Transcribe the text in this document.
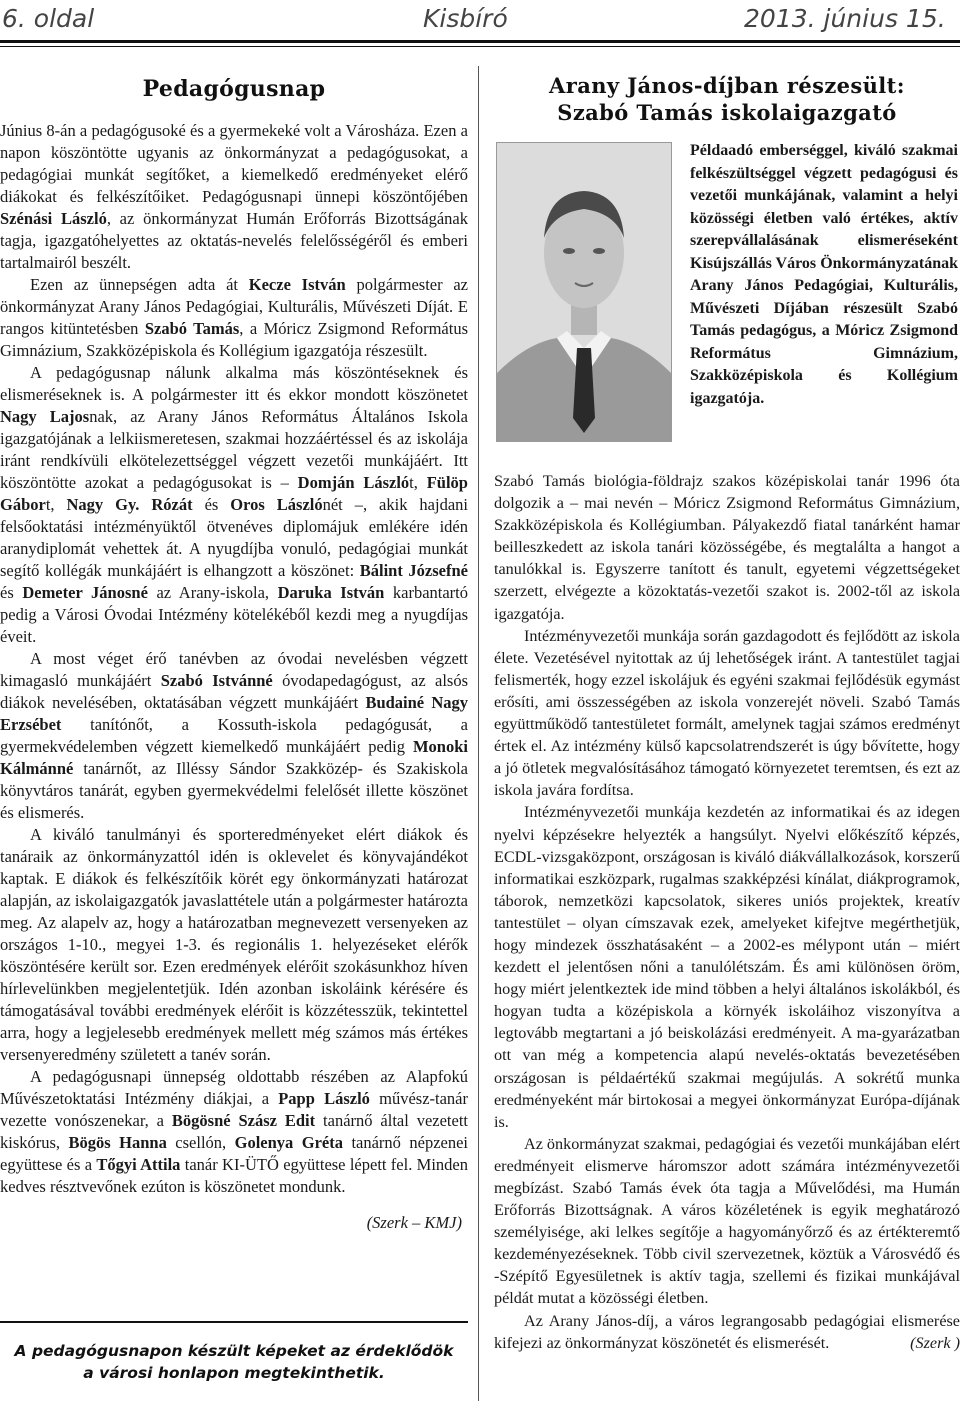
6. oldal	Kisbíró	2013. június 15.
Pedagógusnap

Június 8-án a pedagógusoké és a gyermekeké volt a Városháza. Ezen a napon köszöntötte ugyanis az önkormányzat a pedagógusokat, a pedagógiai munkát segítőket, a kiemelkedő eredményeket elérő diákokat és felkészítőiket. Pedagógusnapi ünnepi köszöntőjében Szénási László, az önkormányzat Humán Erőforrás Bizottságának tagja, igazgatóhelyettes az oktatás-nevelés felelősségéről és emberi tartalmairól beszélt.

Ezen az ünnepségen adta át Kecze István polgármester az önkormányzat Arany János Pedagógiai, Kulturális, Művészeti Díját. E rangos kitüntetésben Szabó Tamás, a Móricz Zsigmond Református Gimnázium, Szakközépiskola és Kollégium igazgatója részesült.

A pedagógusnap nálunk alkalma más köszöntéseknek és elismeréseknek is. A polgármester itt és ekkor mondott köszönetet Nagy Lajosnak, az Arany János Református Általános Iskola igazgatójának a lelkiismeretesen, szakmai hozzáértéssel és az iskolája iránt rendkívüli elkötelezettséggel végzett vezetői munkájáért. Itt köszöntötte azokat a pedagógusokat is – Domján Lászlót, Fülöp Gábort, Nagy Gy. Rózát és Oros Lászlónét –, akik hajdani felsőoktatási intézményüktől ötvenéves diplomájuk emlékére idén aranydiplomát vehettek át. A nyugdíjba vonuló, pedagógiai munkát segítő kollégák munkájáért is elhangzott a köszönet: Bálint Józsefné és Demeter Jánosné az Arany-iskola, Daruka István karbantartó pedig a Városi Óvodai Intézmény kötelékéből kezdi meg a nyugdíjas éveit.

A most véget érő tanévben az óvodai nevelésben végzett kimagasló munkájáért Szabó Istvánné óvodapedagógust, az alsós diákok nevelésében, oktatásában végzett munkájáért Budainé Nagy Erzsébet tanítónőt, a Kossuth-iskola pedagógusát, a gyermekvédelemben végzett kiemelkedő munkájáért pedig Monoki Kálmánné tanárnőt, az Illéssy Sándor Szakközép- és Szakiskola könyvtáros tanárát, egyben gyermekvédelmi felelősét illette köszönet és elismerés.

A kiváló tanulmányi és sporteredményeket elért diákok és tanáraik az önkormányzattól idén is oklevelet és könyvajándékot kaptak. E diákok és felkészítőik körét egy önkormányzati határozat alapján, az iskolaigazgatók javaslattétele után a polgármester határozta meg. Az alapelv az, hogy a határozatban megnevezett versenyeken az országos 1-10., megyei 1-3. és regionális 1. helyezéseket elérők köszöntésére került sor. Ezen eredmények elérőit szokásunkhoz híven hírlevelünkben megjelentetjük. Idén azonban iskoláink kérésére és támogatásával további eredmények elérőit is közzétesszük, tekintettel arra, hogy a legjelesebb eredmények mellett még számos más értékes versenyeredmény született a tanév során.

A pedagógusnapi ünnepség oldottabb részében az Alapfokú Művészetoktatási Intézmény diákjai, a Papp László művész-tanár vezette vonószenekar, a Bögösné Szász Edit tanárnő által vezetett kiskórus, Bögös Hanna csellón, Golenya Gréta tanárnő népzenei együttese és a Tőgyi Attila tanár KI-ÜTŐ együttese lépett fel. Minden kedves résztvevőnek ezúton is köszönetet mondunk.

(Szerk – KMJ)

A pedagógusnapon készült képeket az érdeklődök
a városi honlapon megtekinthetik.
Arany János-díjban részesült:
Szabó Tamás iskolaigazgató
Példaadó emberséggel, kiváló szakmai felkészültséggel végzett pedagógusi és vezetői munkájának, valamint a helyi közösségi életben való értékes, aktív szerepvállalásának elismeréseként Kisújszállás Város Önkormányzatának Arany János Pedagógiai, Kulturális, Művészeti Díjában részesült Szabó Tamás pedagógus, a Móricz Zsigmond Református Gimnázium, Szakközépiskola és Kollégium igazgatója.

Szabó Tamás biológia-földrajz szakos középiskolai tanár 1996 óta dolgozik a – mai nevén – Móricz Zsigmond Református Gimnázium, Szakközépiskola és Kollégiumban. Pályakezdő fiatal tanárként hamar beilleszkedett az iskola tanári közösségébe, és megtalálta a hangot a tanulókkal is. Egyszerre tanított és tanult, egyetemi végzettségeket szerzett, elvégezte a közoktatás-vezetői szakot is. 2002-től az iskola igazgatója.

Intézményvezetői munkája során gazdagodott és fejlődött az iskola élete. Vezetésével nyitottak az új lehetőségek iránt. A tantestület tagjai felismerték, hogy ezzel iskolájuk és egyéni szakmai fejlődésük egymást erősíti, ami összességében az iskola vonzerejét növeli. Szabó Tamás együttműködő tantestületet formált, amelynek tagjai számos eredményt értek el. Az intézmény külső kapcsolatrendszerét is úgy bővítette, hogy a jó ötletek megvalósításához támogató környezetet teremtsen, és ezt az iskola javára fordítsa.

Intézményvezetői munkája kezdetén az informatikai és az idegen nyelvi képzésekre helyezték a hangsúlyt. Nyelvi előkészítő képzés, ECDL-vizsgaközpont, országosan is kiváló diákvállalkozások, korszerű informatikai eszközpark, rugalmas szakképzési kínálat, diákprogramok, táborok, nemzetközi kapcsolatok, sikeres uniós projektek, kreatív tantestület – olyan címszavak ezek, amelyeket kifejtve megérthetjük, hogy mindezek összhatásaként – a 2002-es mélypont után – miért kezdett el jelentősen nőni a tanulólétszám. És ami különösen öröm, hogy miért jelentkeztek ide mind többen a helyi általános iskolákból, és hogyan tudta a középiskola a környék iskoláihoz viszonyítva a legtovább megtartani a jó beiskolázási eredményeit. A ma-gyarázatban ott van még a kompetencia alapú nevelés-oktatás bevezetésében országosan is példaértékű szakmai megújulás. A sokrétű munka eredményeként már birtokosai a megyei önkormányzat Európa-díjának is.

Az önkormányzat szakmai, pedagógiai és vezetői munkájában elért eredményeit elismerve háromszor adott számára intézményvezetői megbízást. Szabó Tamás évek óta tagja a Művelődési, ma Humán Erőforrás Bizottságnak. A város közéletének is egyik meghatározó személyisége, aki lelkes segítője a hagyományőrző és az értékteremtő kezdeményezéseknek. Több civil szervezetnek, köztük a Városvédő és -Szépítő Egyesületnek is aktív tagja, szellemi és fizikai munkájával példát mutat a közösségi életben.

Az Arany János-díj, a város legrangosabb pedagógiai elismerése kifejezi az önkormányzat köszönetét és elismerését.	(Szerk )
